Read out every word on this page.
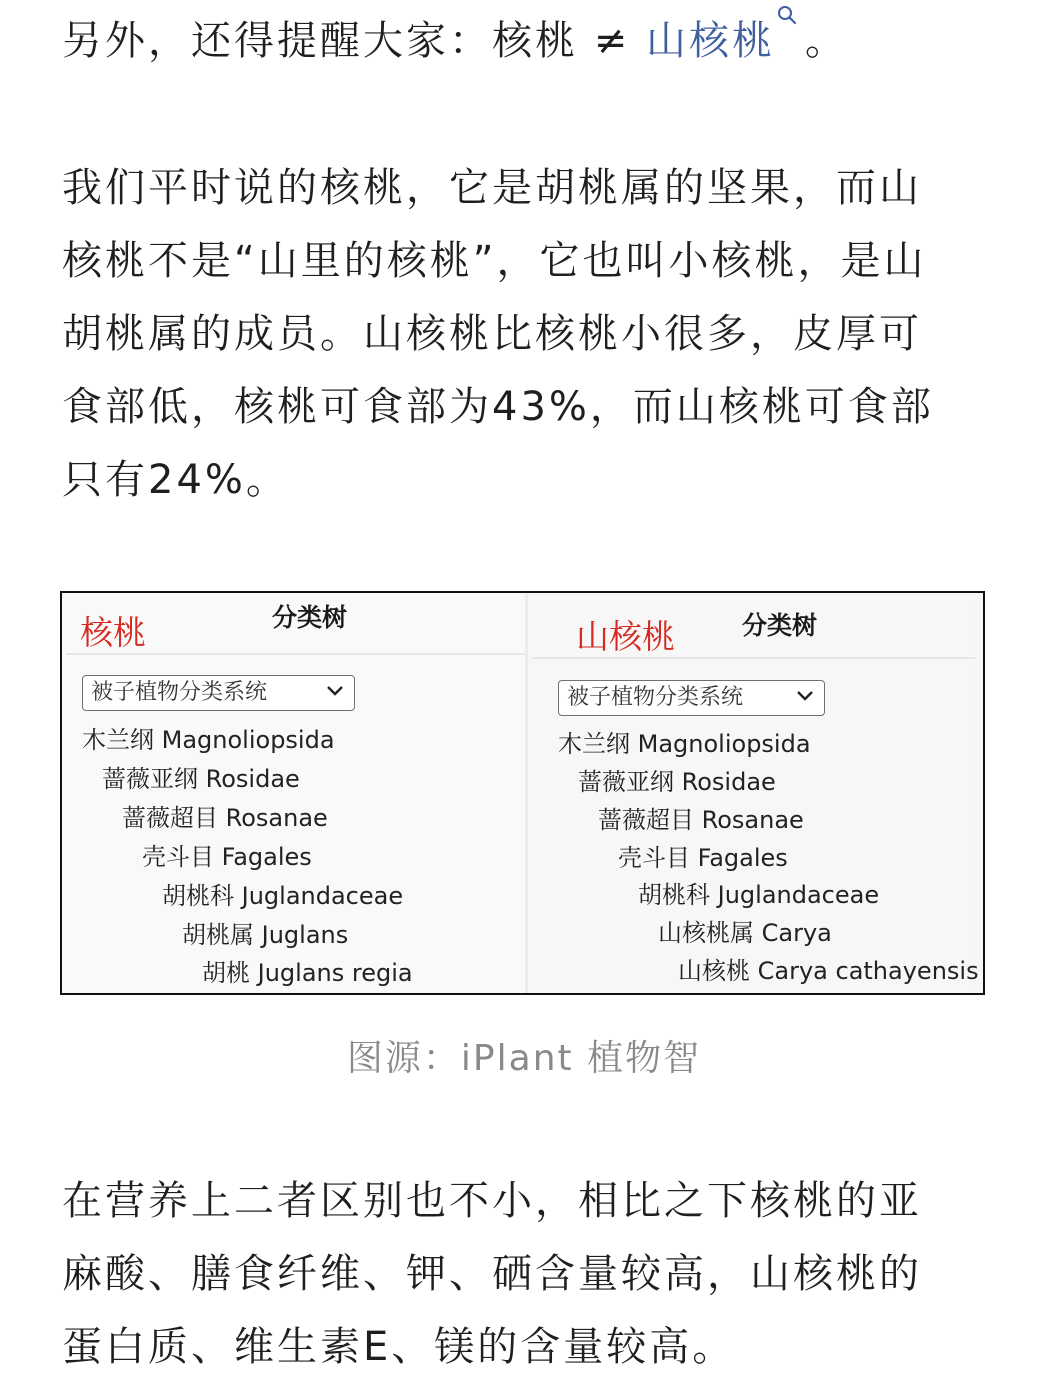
另外，还得提醒大家：核桃 ≠ 山核桃 。

我们平时说的核桃，它是胡桃属的坚果，而山
核桃不是“山里的核桃”，它也叫小核桃，是山
胡桃属的成员。山核桃比核桃小很多，皮厚可
食部低，核桃可食部为43%，而山核桃可食部
只有24%。

核桃	分类树
被子植物分类系统
木兰纲 Magnoliopsida
蔷薇亚纲 Rosidae
蔷薇超目 Rosanae
壳斗目 Fagales
胡桃科 Juglandaceae
胡桃属 Juglans
胡桃 Juglans regia
山核桃	分类树
被子植物分类系统
木兰纲 Magnoliopsida
蔷薇亚纲 Rosidae
蔷薇超目 Rosanae
壳斗目 Fagales
胡桃科 Juglandaceae
山核桃属 Carya
山核桃 Carya cathayensis
图源：iPlant 植物智

在营养上二者区别也不小，相比之下核桃的亚
麻酸、膳食纤维、钾、硒含量较高，山核桃的
蛋白质、维生素E、镁的含量较高。
